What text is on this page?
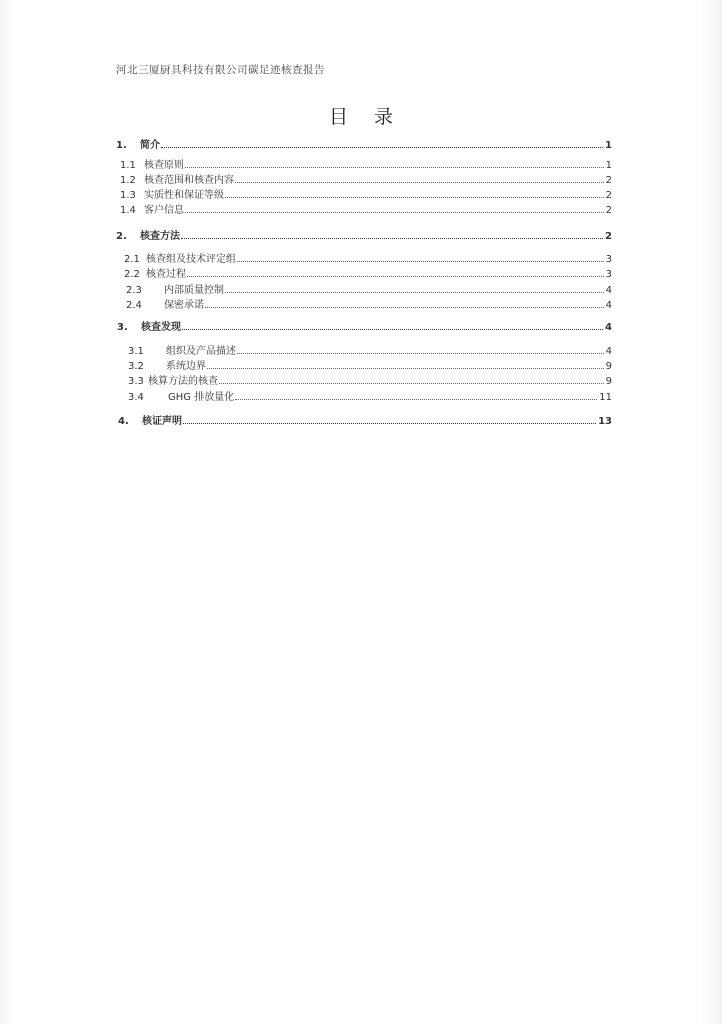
河北三厦厨具科技有限公司碳足迹核查报告
目 录
1.	简介	1
1.1 核查原则	1
1.2 核查范围和核查内容	2
1.3 实质性和保证等级	2
1.4 客户信息	2
2.	核查方法	2
2.1 核查组及技术评定组	3
2.2 核查过程	3
2.3	内部质量控制	4
2.4	保密承诺	4
3.	核查发现	4
3.1	组织及产品描述	4
3.2	系统边界	9
3.3 核算方法的核查	9
3.4	GHG 排放量化	11
4.	核证声明	13
